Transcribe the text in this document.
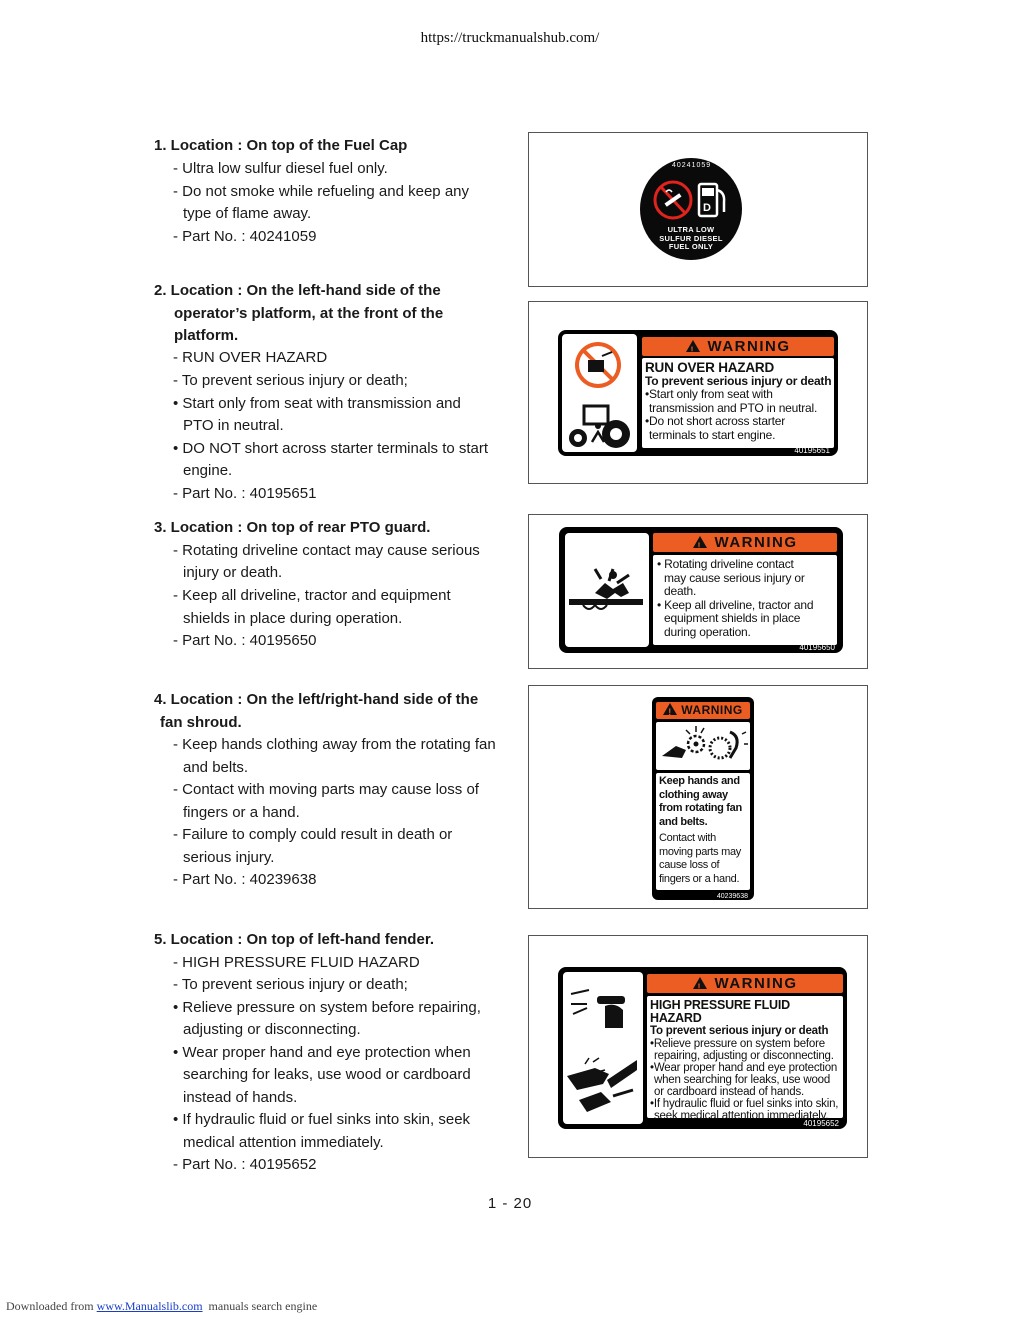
https://truckmanualshub.com/
1. Location : On top of the Fuel Cap
- Ultra low sulfur diesel fuel only.
- Do not smoke while refueling and keep any
type of flame away.
- Part No. : 40241059
2. Location : On the left-hand side of the
operator’s platform, at the front of the
platform.
- RUN OVER HAZARD
- To prevent serious injury or death;
• Start only from seat with transmission and
PTO in neutral.
• DO NOT short across starter terminals to start
engine.
- Part No. : 40195651
3. Location : On top of rear PTO guard.
- Rotating driveline contact may cause serious
injury or death.
- Keep all driveline, tractor and equipment
shields in place during operation.
- Part No. : 40195650
4. Location : On the left/right-hand side of the
fan shroud.
- Keep hands clothing away from the rotating fan
and belts.
- Contact with moving parts may cause loss of
fingers or a hand.
- Failure to comply could result in death or
serious injury.
- Part No. : 40239638
5. Location : On top of left-hand fender.
- HIGH PRESSURE FLUID HAZARD
- To prevent serious injury or death;
• Relieve pressure on system before repairing,
adjusting or disconnecting.
• Wear proper hand and eye protection when
searching for leaks, use wood or cardboard
instead of hands.
• If hydraulic fluid or fuel sinks into skin, seek
medical attention immediately.
- Part No. : 40195652
40241059
D
ULTRA LOW
SULFUR DIESEL
FUEL ONLY
!WARNING
RUN OVER HAZARD
To prevent serious injury or death
•Start only from seat with
transmission and PTO in neutral.
•Do not short across starter
terminals to start engine.
40195651
!WARNING
• Rotating driveline contact
may cause serious injury or
death.
• Keep all driveline, tractor and
equipment shields in place
during operation.
40195650
!WARNING
Keep hands and
clothing away
from rotating fan
and belts.
Contact with
moving parts may
cause loss of
fingers or a hand.
40239638
!WARNING
HIGH PRESSURE FLUID HAZARD
To prevent serious injury or death
•Relieve pressure on system before
repairing, adjusting or disconnecting.
•Wear proper hand and eye protection
when searching for leaks, use wood
or cardboard instead of hands.
•If hydraulic fluid or fuel sinks into skin,
seek medical attention immediately.
40195652
1 - 20
Downloaded from www.Manualslib.com manuals search engine
